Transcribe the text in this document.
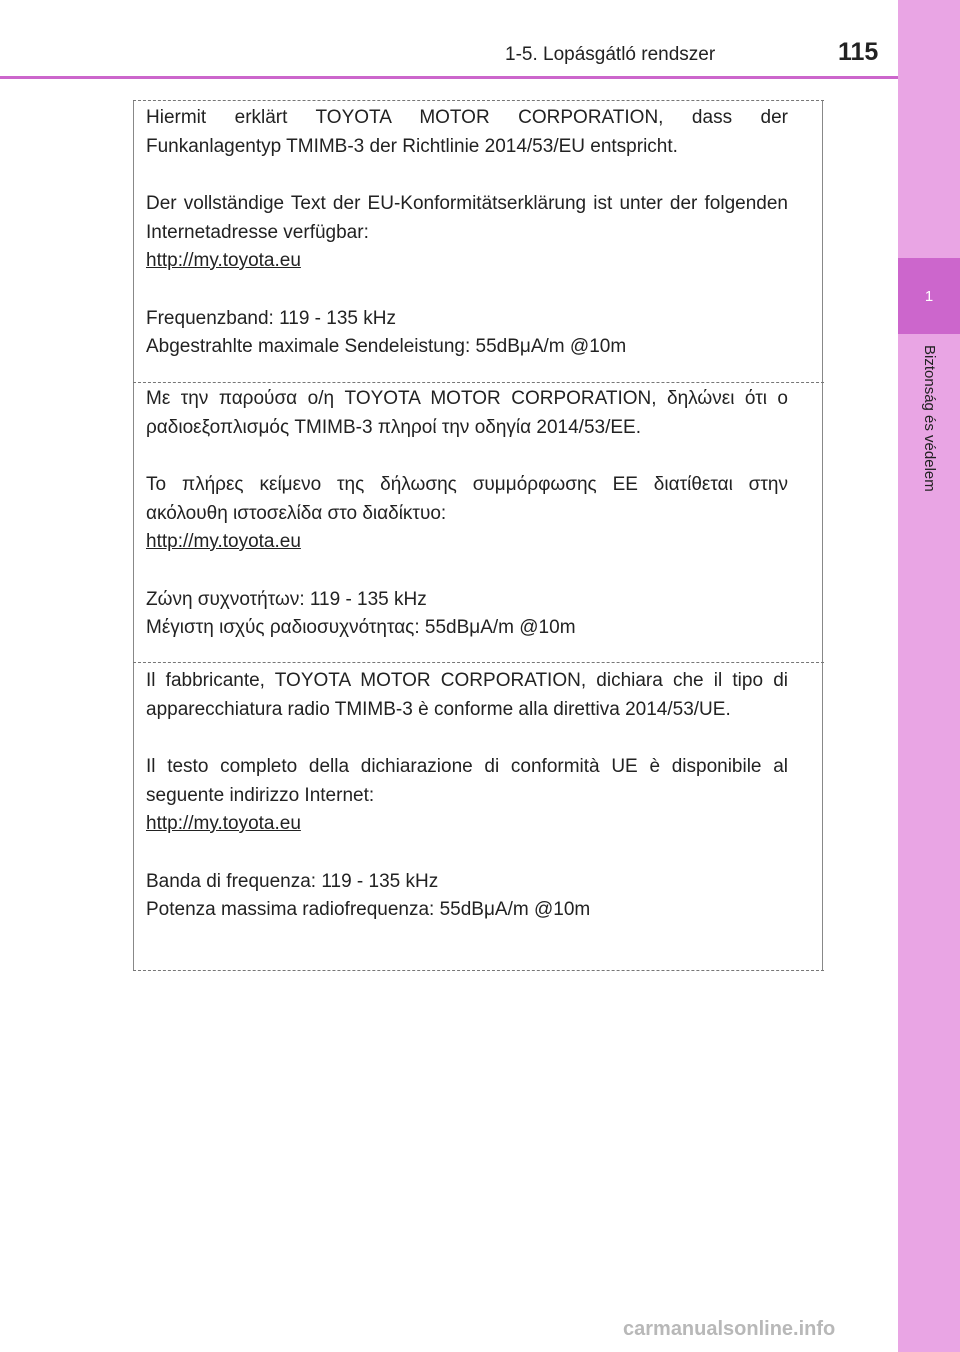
1
Biztonság és védelem
1-5. Lopásgátló rendszer	115

Hiermit erklärt TOYOTA MOTOR CORPORATION, dass der Funkanlagentyp TMIMB-3 der Richtlinie 2014/53/EU entspricht.

Der vollständige Text der EU-Konformitätserklärung ist unter der folgenden Internetadresse verfügbar:

http://my.toyota.eu

Frequenzband: 119 - 135 kHz

Abgestrahlte maximale Sendeleistung: 55dBμA/m @10m

Με την παρούσα ο/η TOYOTA MOTOR CORPORATION, δηλώνει ότι ο ραδιοεξοπλισμός TMIMB-3 πληροί την οδηγία 2014/53/ΕΕ.

Το πλήρες κείμενο της δήλωσης συμμόρφωσης ΕΕ διατίθεται στην ακόλουθη ιστοσελίδα στο διαδίκτυο:

http://my.toyota.eu

Ζώνη συχνοτήτων: 119 - 135 kHz

Μέγιστη ισχύς ραδιοσυχνότητας: 55dBμA/m @10m

Il fabbricante, TOYOTA MOTOR CORPORATION, dichiara che il tipo di apparecchiatura radio TMIMB-3 è conforme alla direttiva 2014/53/UE.

Il testo completo della dichiarazione di conformità UE è disponibile al seguente indirizzo Internet:

http://my.toyota.eu

Banda di frequenza: 119 - 135 kHz

Potenza massima radiofrequenza: 55dBμA/m @10m

carmanualsonline.info
